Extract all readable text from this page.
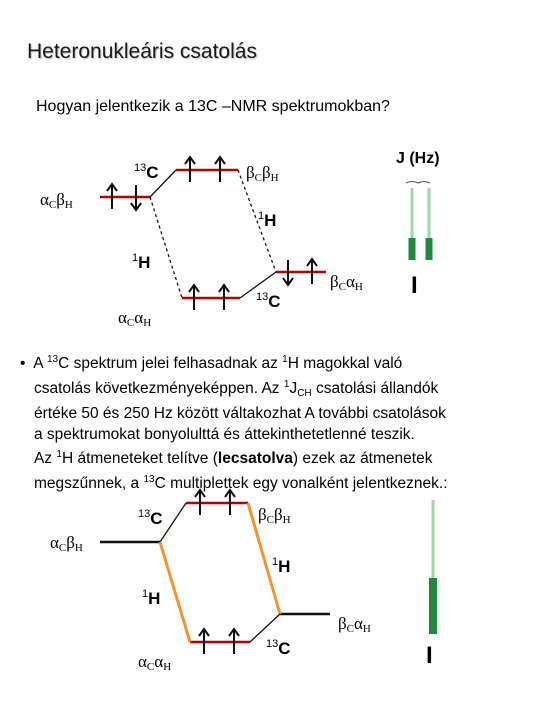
Heteronukleáris csatolás
Hogyan jelentkezik a 13C –NMR spektrumokban?
$\alpha_C\beta_H$
$\beta_C\beta_H$
$\alpha_C\alpha_H$
$\beta_C\alpha_H$
$^{13}$C
$^{13}$C
$^1$H
$^1$H
J (Hz)
I
• A $^{13}$C spektrum jelei felhasadnak az $^1$H magokkal való
csatolás következményeképpen. Az $^1J_{CH}$ csatolási állandók
értéke 50 és 250 Hz között váltakozhat A további csatolások
a spektrumokat bonyolulttá és áttekinthetetlenné teszik.
Az $^1$H átmeneteket telítve (lecsatolva) ezek az átmenetek
megszűnnek, a $^{13}$C multiplettek egy vonalként jelentkeznek.:
$\alpha_C\beta_H$
$\beta_C\beta_H$
$\alpha_C\alpha_H$
$\beta_C\alpha_H$
$^{13}$C
$^{13}$C
$^1$H
$^1$H
I
